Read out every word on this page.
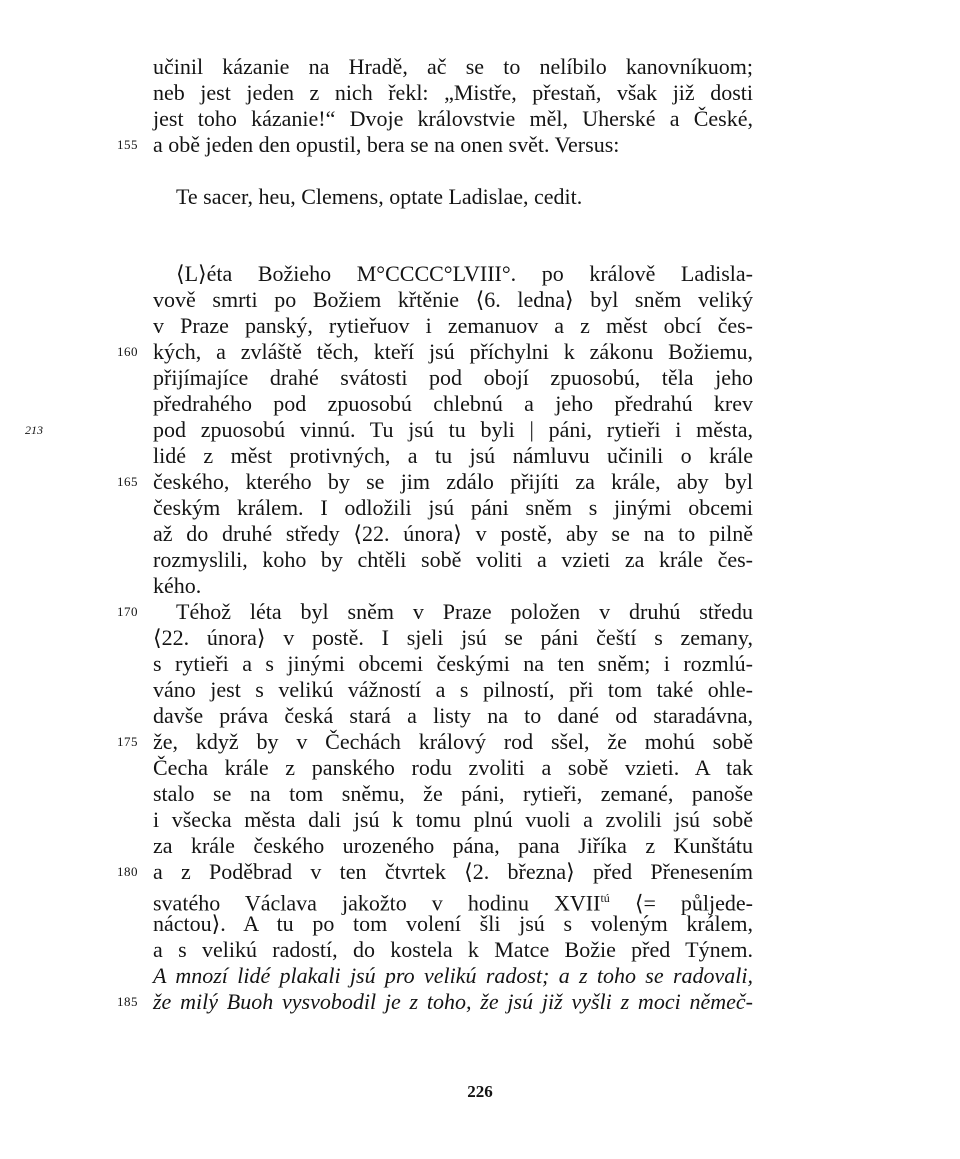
učinil kázanie na Hradě, ač se to nelíbilo kanovníkuom;
neb jest jeden z nich řekl: „Mistře, přestaň, však již dosti
jest toho kázanie!“ Dvoje královstvie měl, Uherské a České,
a obě jeden den opustil, bera se na onen svět. Versus:
155
Te sacer, heu, Clemens, optate Ladislae, cedit.
⟨L⟩éta Božieho M°CCCC°LVIII°. po králově Ladisla-
vově smrti po Božiem křtěnie ⟨6. ledna⟩ byl sněm veliký
v Praze panský, rytieřuov i zemanuov a z měst obcí čes-
kých, a zvláště těch, kteří jsú příchylni k zákonu Božiemu,
160
přijímajíce drahé svátosti pod obojí zpuosobú, těla jeho
předrahého pod zpuosobú chlebnú a jeho předrahú krev
pod zpuosobú vinnú. Tu jsú tu byli | páni, rytieři i města,
213
lidé z měst protivných, a tu jsú námluvu učinili o krále
českého, kterého by se jim zdálo přijíti za krále, aby byl
165
českým králem. I odložili jsú páni sněm s jinými obcemi
až do druhé středy ⟨22. února⟩ v postě, aby se na to pilně
rozmyslili, koho by chtěli sobě voliti a vzieti za krále čes-
kého.
Téhož léta byl sněm v Praze položen v druhú středu
170
⟨22. února⟩ v postě. I sjeli jsú se páni čeští s zemany,
s rytieři a s jinými obcemi českými na ten sněm; i rozmlú-
váno jest s velikú vážností a s pilností, při tom také ohle-
davše práva česká stará a listy na to dané od staradávna,
že, když by v Čechách králový rod sšel, že mohú sobě
175
Čecha krále z panského rodu zvoliti a sobě vzieti. A tak
stalo se na tom sněmu, že páni, rytieři, zemané, panoše
i všecka města dali jsú k tomu plnú vuoli a zvolili jsú sobě
za krále českého urozeného pána, pana Jiříka z Kunštátu
a z Poděbrad v ten čtvrtek ⟨2. března⟩ před Přenesením
180
svatého Václava jakožto v hodinu $XVII^{tú}$ ⟨= půljede-
náctou⟩. A tu po tom volení šli jsú s voleným králem,
a s velikú radostí, do kostela k Matce Božie před Týnem.
A mnozí lidé plakali jsú pro velikú radost; a z toho se radovali,
že milý Buoh vysvobodil je z toho, že jsú již vyšli z moci němeč-
185
226
